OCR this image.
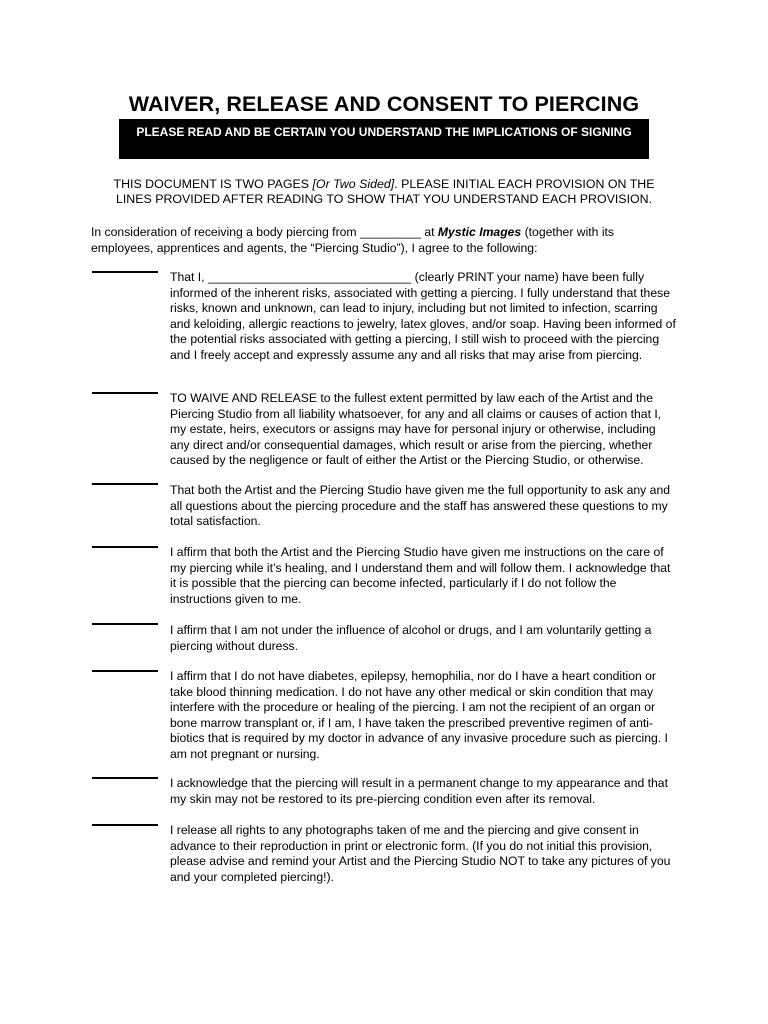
WAIVER, RELEASE AND CONSENT TO PIERCING
PLEASE READ AND BE CERTAIN YOU UNDERSTAND THE IMPLICATIONS OF SIGNING
THIS DOCUMENT IS TWO PAGES [Or Two Sided]. PLEASE INITIAL EACH PROVISION ON THE LINES PROVIDED AFTER READING TO SHOW THAT YOU UNDERSTAND EACH PROVISION.
In consideration of receiving a body piercing from _________ at Mystic Images (together with its employees, apprentices and agents, the “Piercing Studio”), I agree to the following:
That I, ______________________________ (clearly PRINT your name) have been fully informed of the inherent risks, associated with getting a piercing. I fully understand that these risks, known and unknown, can lead to injury, including but not limited to infection, scarring and keloiding, allergic reactions to jewelry, latex gloves, and/or soap. Having been informed of the potential risks associated with getting a piercing, I still wish to proceed with the piercing and I freely accept and expressly assume any and all risks that may arise from piercing.
TO WAIVE AND RELEASE to the fullest extent permitted by law each of the Artist and the Piercing Studio from all liability whatsoever, for any and all claims or causes of action that I, my estate, heirs, executors or assigns may have for personal injury or otherwise, including any direct and/or consequential damages, which result or arise from the piercing, whether caused by the negligence or fault of either the Artist or the Piercing Studio, or otherwise.
That both the Artist and the Piercing Studio have given me the full opportunity to ask any and all questions about the piercing procedure and the staff has answered these questions to my total satisfaction.
I affirm that both the Artist and the Piercing Studio have given me instructions on the care of my piercing while it’s healing, and I understand them and will follow them. I acknowledge that it is possible that the piercing can become infected, particularly if I do not follow the instructions given to me.
I affirm that I am not under the influence of alcohol or drugs, and I am voluntarily getting a piercing without duress.
I affirm that I do not have diabetes, epilepsy, hemophilia, nor do I have a heart condition or take blood thinning medication. I do not have any other medical or skin condition that may interfere with the procedure or healing of the piercing. I am not the recipient of an organ or bone marrow transplant or, if I am, I have taken the prescribed preventive regimen of anti-biotics that is required by my doctor in advance of any invasive procedure such as piercing. I am not pregnant or nursing.
I acknowledge that the piercing will result in a permanent change to my appearance and that my skin may not be restored to its pre-piercing condition even after its removal.
I release all rights to any photographs taken of me and the piercing and give consent in advance to their reproduction in print or electronic form. (If you do not initial this provision, please advise and remind your Artist and the Piercing Studio NOT to take any pictures of you and your completed piercing!).
